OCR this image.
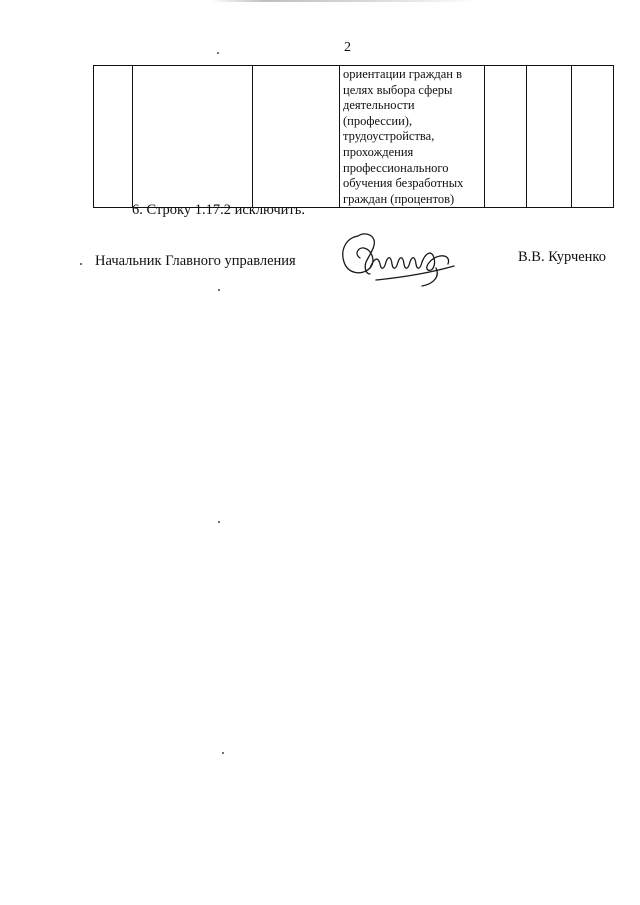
2

ориентации граждан в
целях выбора сферы
деятельности
(профессии),
трудоустройства,
прохождения
профессионального
обучения безработных
граждан (процентов)

6. Строку 1.17.2 исключить.
Начальник Главного управления	В.В. Курченко
